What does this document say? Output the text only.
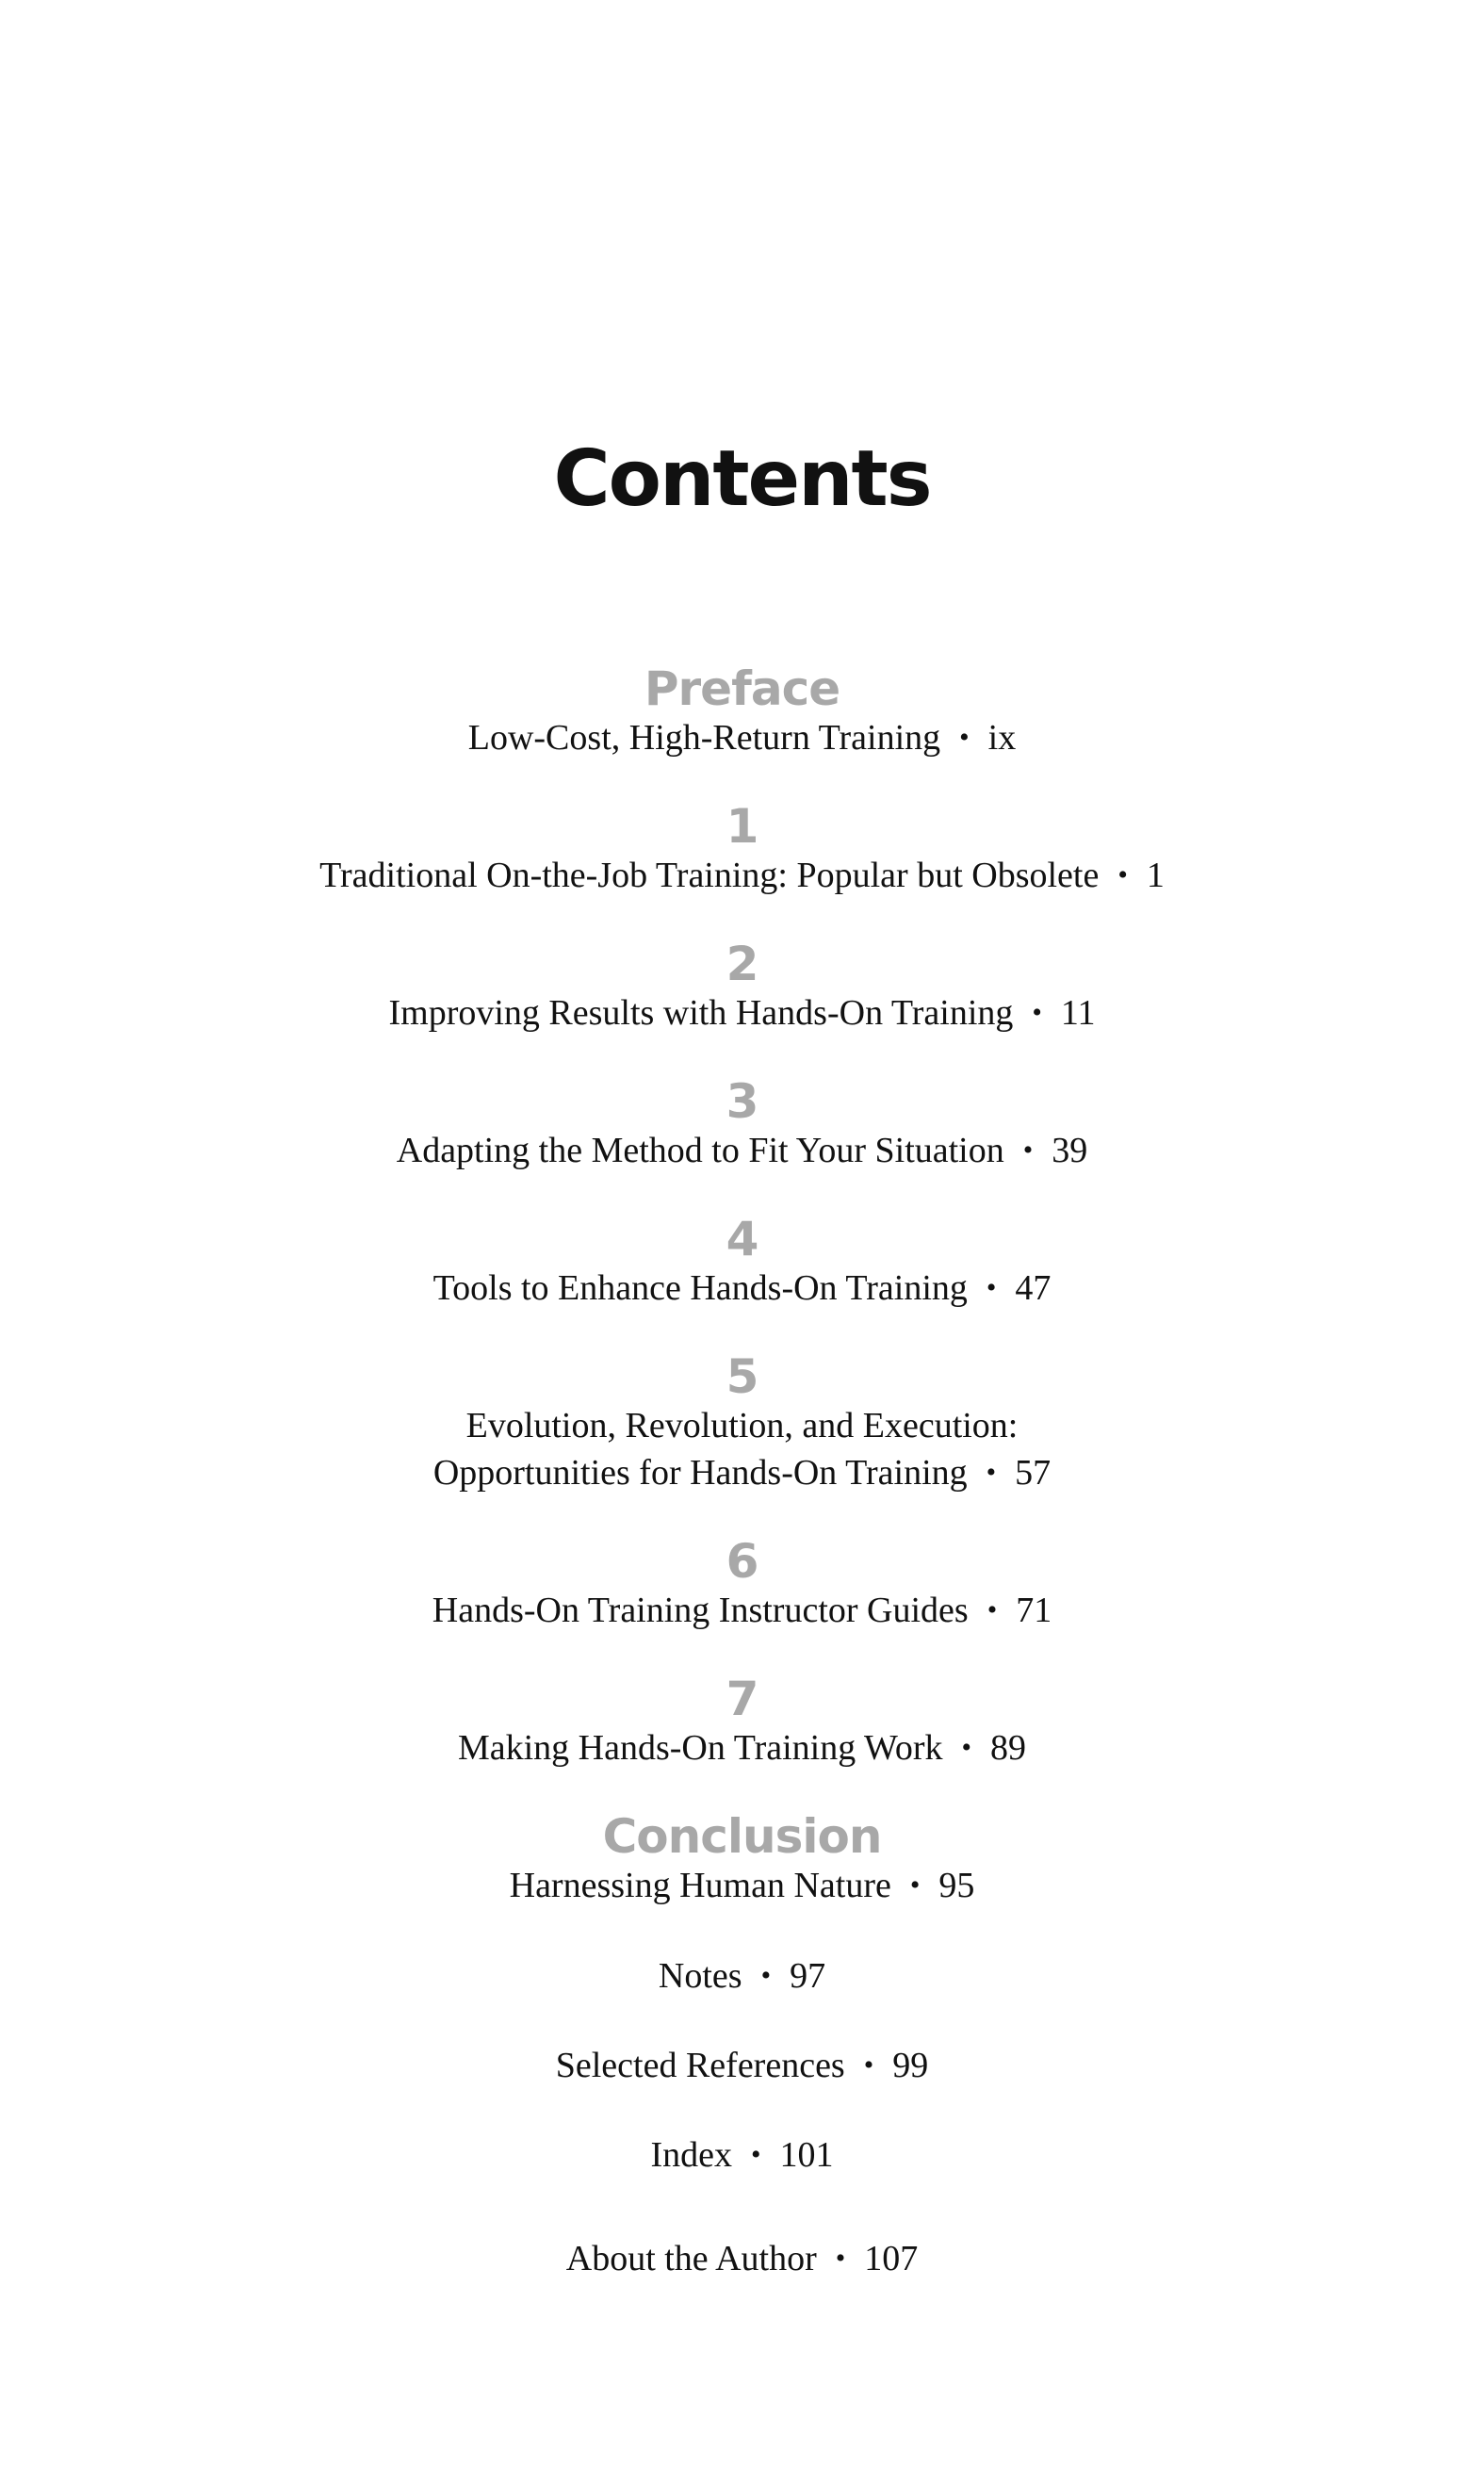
Contents
Preface
Low-Cost, High-Return Training • ix
1
Traditional On-the-Job Training: Popular but Obsolete • 1
2
Improving Results with Hands-On Training • 11
3
Adapting the Method to Fit Your Situation • 39
4
Tools to Enhance Hands-On Training • 47
5
Evolution, Revolution, and Execution:
Opportunities for Hands-On Training • 57
6
Hands-On Training Instructor Guides • 71
7
Making Hands-On Training Work • 89
Conclusion
Harnessing Human Nature • 95
Notes • 97
Selected References • 99
Index • 101
About the Author • 107
